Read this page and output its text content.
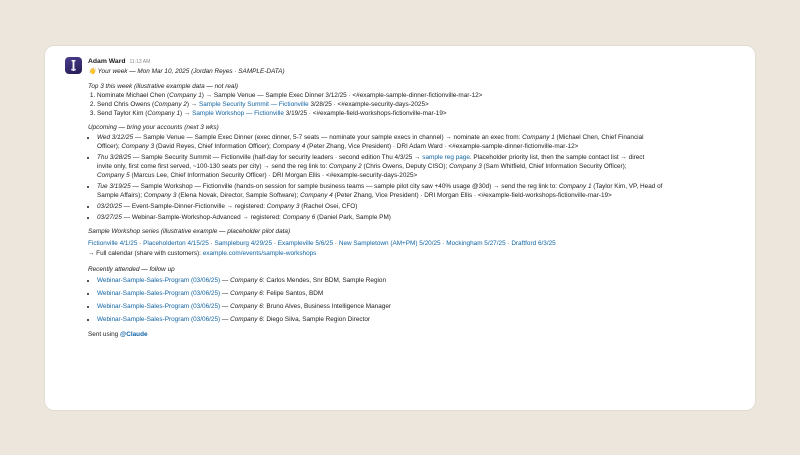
Adam Ward 11:13 AM
👋 Your week — Mon Mar 10, 2025 (Jordan Reyes · SAMPLE-DATA)
Top 3 this week (illustrative example data — not real)
1. Nominate Michael Chen (Company 1) → Sample Venue — Sample Exec Dinner 3/12/25 · <#example-sample-dinner-fictionville-mar-12>
2. Send Chris Owens (Company 2) → Sample Security Summit — Fictionville 3/28/25 · <#example-security-days-2025>
3. Send Taylor Kim (Company 1) → Sample Workshop — Fictionville 3/19/25 · <#example-field-workshops-fictionville-mar-19>
Upcoming — bring your accounts (next 3 wks)
• Wed 3/12/25 — Sample Venue — Sample Exec Dinner (exec dinner, 5-7 seats — nominate your sample execs in channel) → nominate an exec from: Company 1 (Michael Chen, Chief Financial
Officer); Company 3 (David Reyes, Chief Information Officer); Company 4 (Peter Zhang, Vice President) · DRI Adam Ward · <#example-sample-dinner-fictionville-mar-12>
• Thu 3/28/25 — Sample Security Summit — Fictionville (half-day for security leaders · second edition Thu 4/3/25 → sample reg page. Placeholder priority list, then the sample contact list → direct
invite only, first come first served, ~100-130 seats per city) → send the reg link to: Company 2 (Chris Owens, Deputy CISO); Company 3 (Sam Whitfield, Chief Information Security Officer);
Company 5 (Marcus Lee, Chief Information Security Officer) · DRI Morgan Ellis · <#example-security-days-2025>
• Tue 3/19/25 — Sample Workshop — Fictionville (hands-on session for sample business teams — sample pilot city saw +40% usage @30d) → send the reg link to: Company 1 (Taylor Kim, VP, Head of
Sample Affairs); Company 3 (Elena Novak, Director, Sample Software); Company 4 (Peter Zhang, Vice President) · DRI Morgan Ellis · <#example-field-workshops-fictionville-mar-19>
• 03/20/25 — Event-Sample-Dinner-Fictionville → registered: Company 3 (Rachel Osei, CFO)
• 03/27/25 — Webinar-Sample-Workshop-Advanced → registered: Company 6 (Daniel Park, Sample PM)
Sample Workshop series (illustrative example — placeholder pilot data)
Fictionville 4/1/25 · Placeholderton 4/15/25 · Sampleburg 4/29/25 · Exampleville 5/6/25 · New Sampletown (AM+PM) 5/20/25 · Mockingham 5/27/25 · Draftford 6/3/25
→ Full calendar (share with customers): example.com/events/sample-workshops
Recently attended — follow up
• Webinar-Sample-Sales-Program (03/06/25) — Company 6: Carlos Mendes, Snr BDM, Sample Region
• Webinar-Sample-Sales-Program (03/06/25) — Company 6: Felipe Santos, BDM
• Webinar-Sample-Sales-Program (03/06/25) — Company 6: Bruno Alves, Business Intelligence Manager
• Webinar-Sample-Sales-Program (03/06/25) — Company 6: Diego Silva, Sample Region Director
Sent using @Claude
